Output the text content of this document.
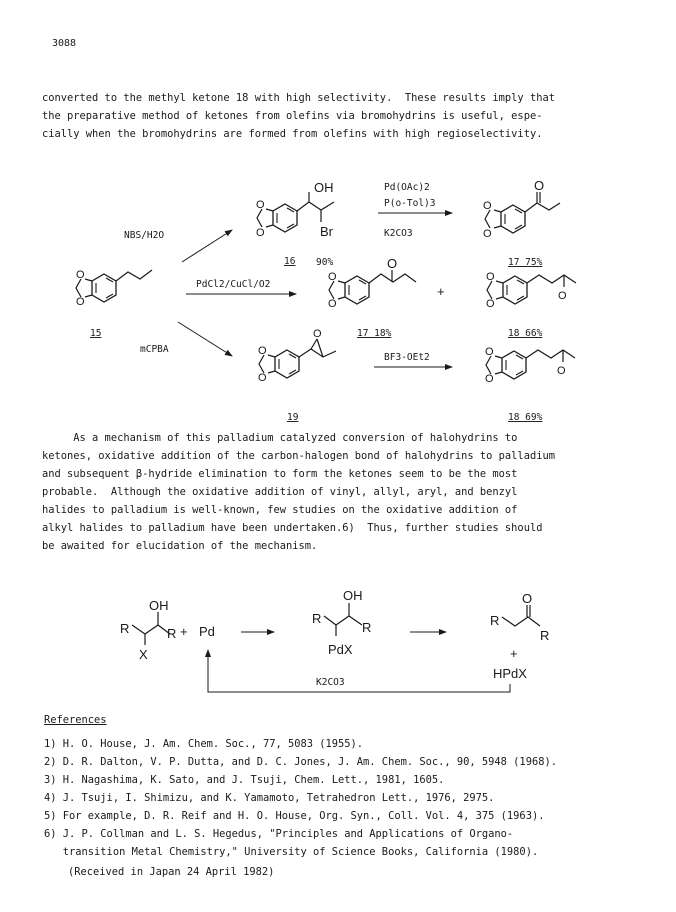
3088
converted to the methyl ketone 18 with high selectivity.  These results imply that
the preparative method of ketones from olefins via bromohydrins is useful, espe-
cially when the bromohydrins are formed from olefins with high regioselectivity.
O
O
15
NBS/H2O
O
O
OH
Br
16
Pd(OAc)2
P(o-Tol)3
K2CO3
O
O
O
17 75%
90%
PdCl2/CuCl/O2
O
O
O
+
O
O
O
17 18%	18 66%
mCPBA	O
O
O
19
BF3-OEt2	O
O
O
18 69%
R
OH
X
R + Pd
R
OH
R
PdX
R
O
R
+
HPdX
K2CO3
As a mechanism of this palladium catalyzed conversion of halohydrins to
ketones, oxidative addition of the carbon-halogen bond of halohydrins to palladium
and subsequent β-hydride elimination to form the ketones seem to be the most
probable.  Although the oxidative addition of vinyl, allyl, aryl, and benzyl
halides to palladium is well-known, few studies on the oxidative addition of
alkyl halides to palladium have been undertaken.6)  Thus, further studies should
be awaited for elucidation of the mechanism.
References
1) H. O. House, J. Am. Chem. Soc., 77, 5083 (1955).
2) D. R. Dalton, V. P. Dutta, and D. C. Jones, J. Am. Chem. Soc., 90, 5948 (1968).
3) H. Nagashima, K. Sato, and J. Tsuji, Chem. Lett., 1981, 1605.
4) J. Tsuji, I. Shimizu, and K. Yamamoto, Tetrahedron Lett., 1976, 2975.
5) For example, D. R. Reif and H. O. House, Org. Syn., Coll. Vol. 4, 375 (1963).
6) J. P. Collman and L. S. Hegedus, "Principles and Applications of Organo-
transition Metal Chemistry," University of Science Books, California (1980).
(Received in Japan 24 April 1982)
